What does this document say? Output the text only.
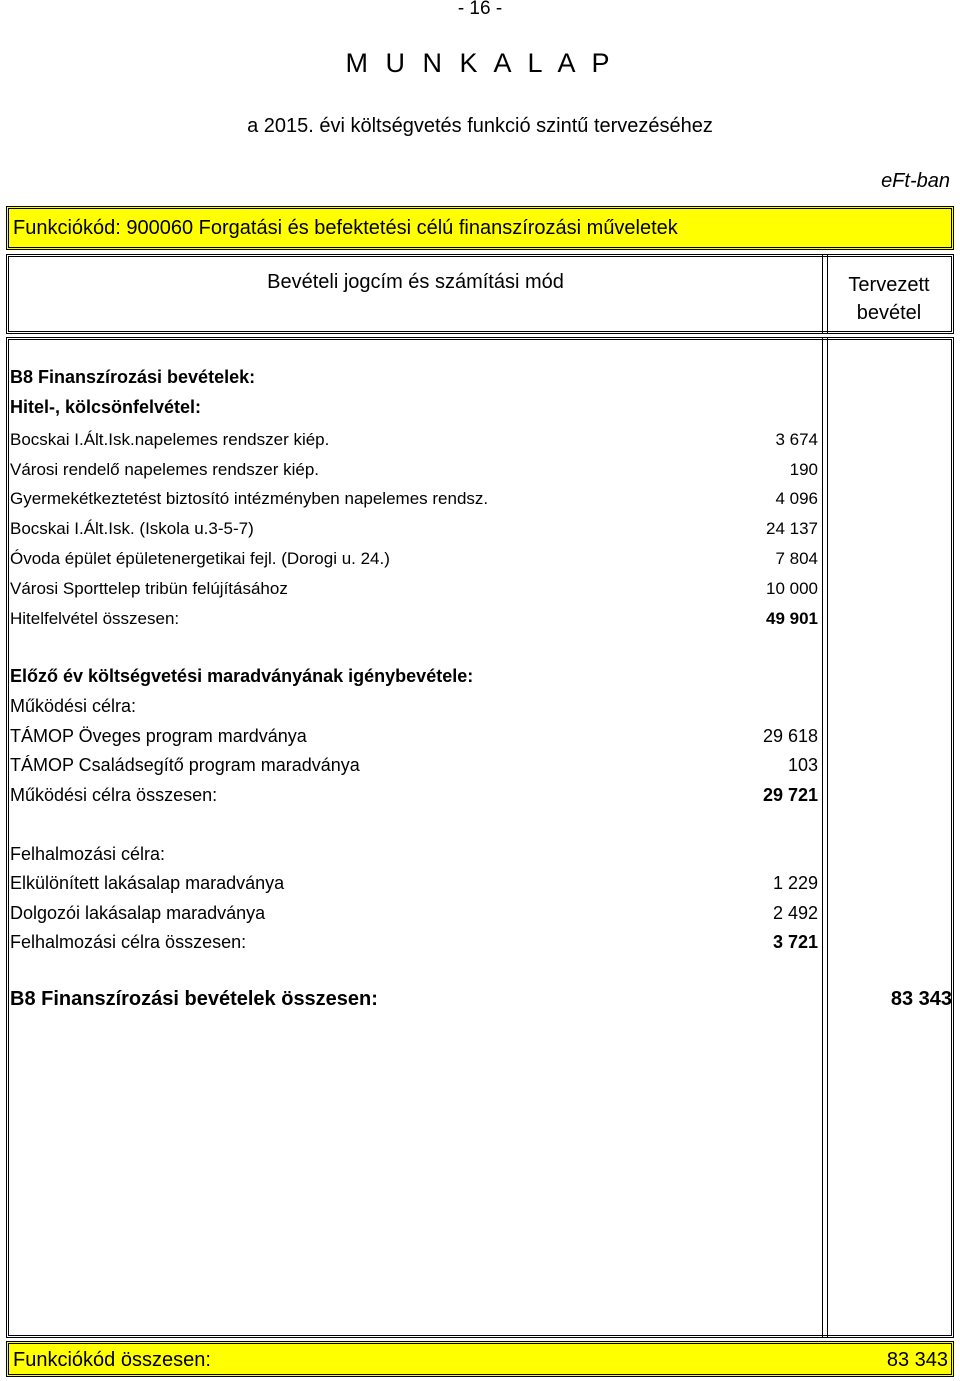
- 16 -
M U N K A L A P
a 2015. évi költségvetés funkció szintű tervezéséhez
eFt-ban
Funkciókód: 900060 Forgatási és befektetési célú finanszírozási műveletek
Bevételi jogcím és számítási mód	Tervezett
bevétel
B8 Finanszírozási bevételek:
Hitel-, kölcsönfelvétel:
Bocskai I.Ált.Isk.napelemes rendszer kiép.	3 674
Városi rendelő napelemes rendszer kiép.	190
Gyermekétkeztetést biztosító intézményben napelemes rendsz.	4 096
Bocskai I.Ált.Isk. (Iskola u.3-5-7)	24 137
Óvoda épület épületenergetikai fejl. (Dorogi u. 24.)	7 804
Városi Sporttelep tribün felújításához	10 000
Hitelfelvétel összesen:	49 901
Előző év költségvetési maradványának igénybevétele:
Működési célra:
TÁMOP Öveges program mardványa	29 618
TÁMOP Családsegítő program maradványa	103
Működési célra összesen:	29 721
Felhalmozási célra:
Elkülönített lakásalap maradványa	1 229
Dolgozói lakásalap maradványa	2 492
Felhalmozási célra összesen:	3 721
B8 Finanszírozási bevételek összesen:	83 343
Funkciókód összesen:	83 343
